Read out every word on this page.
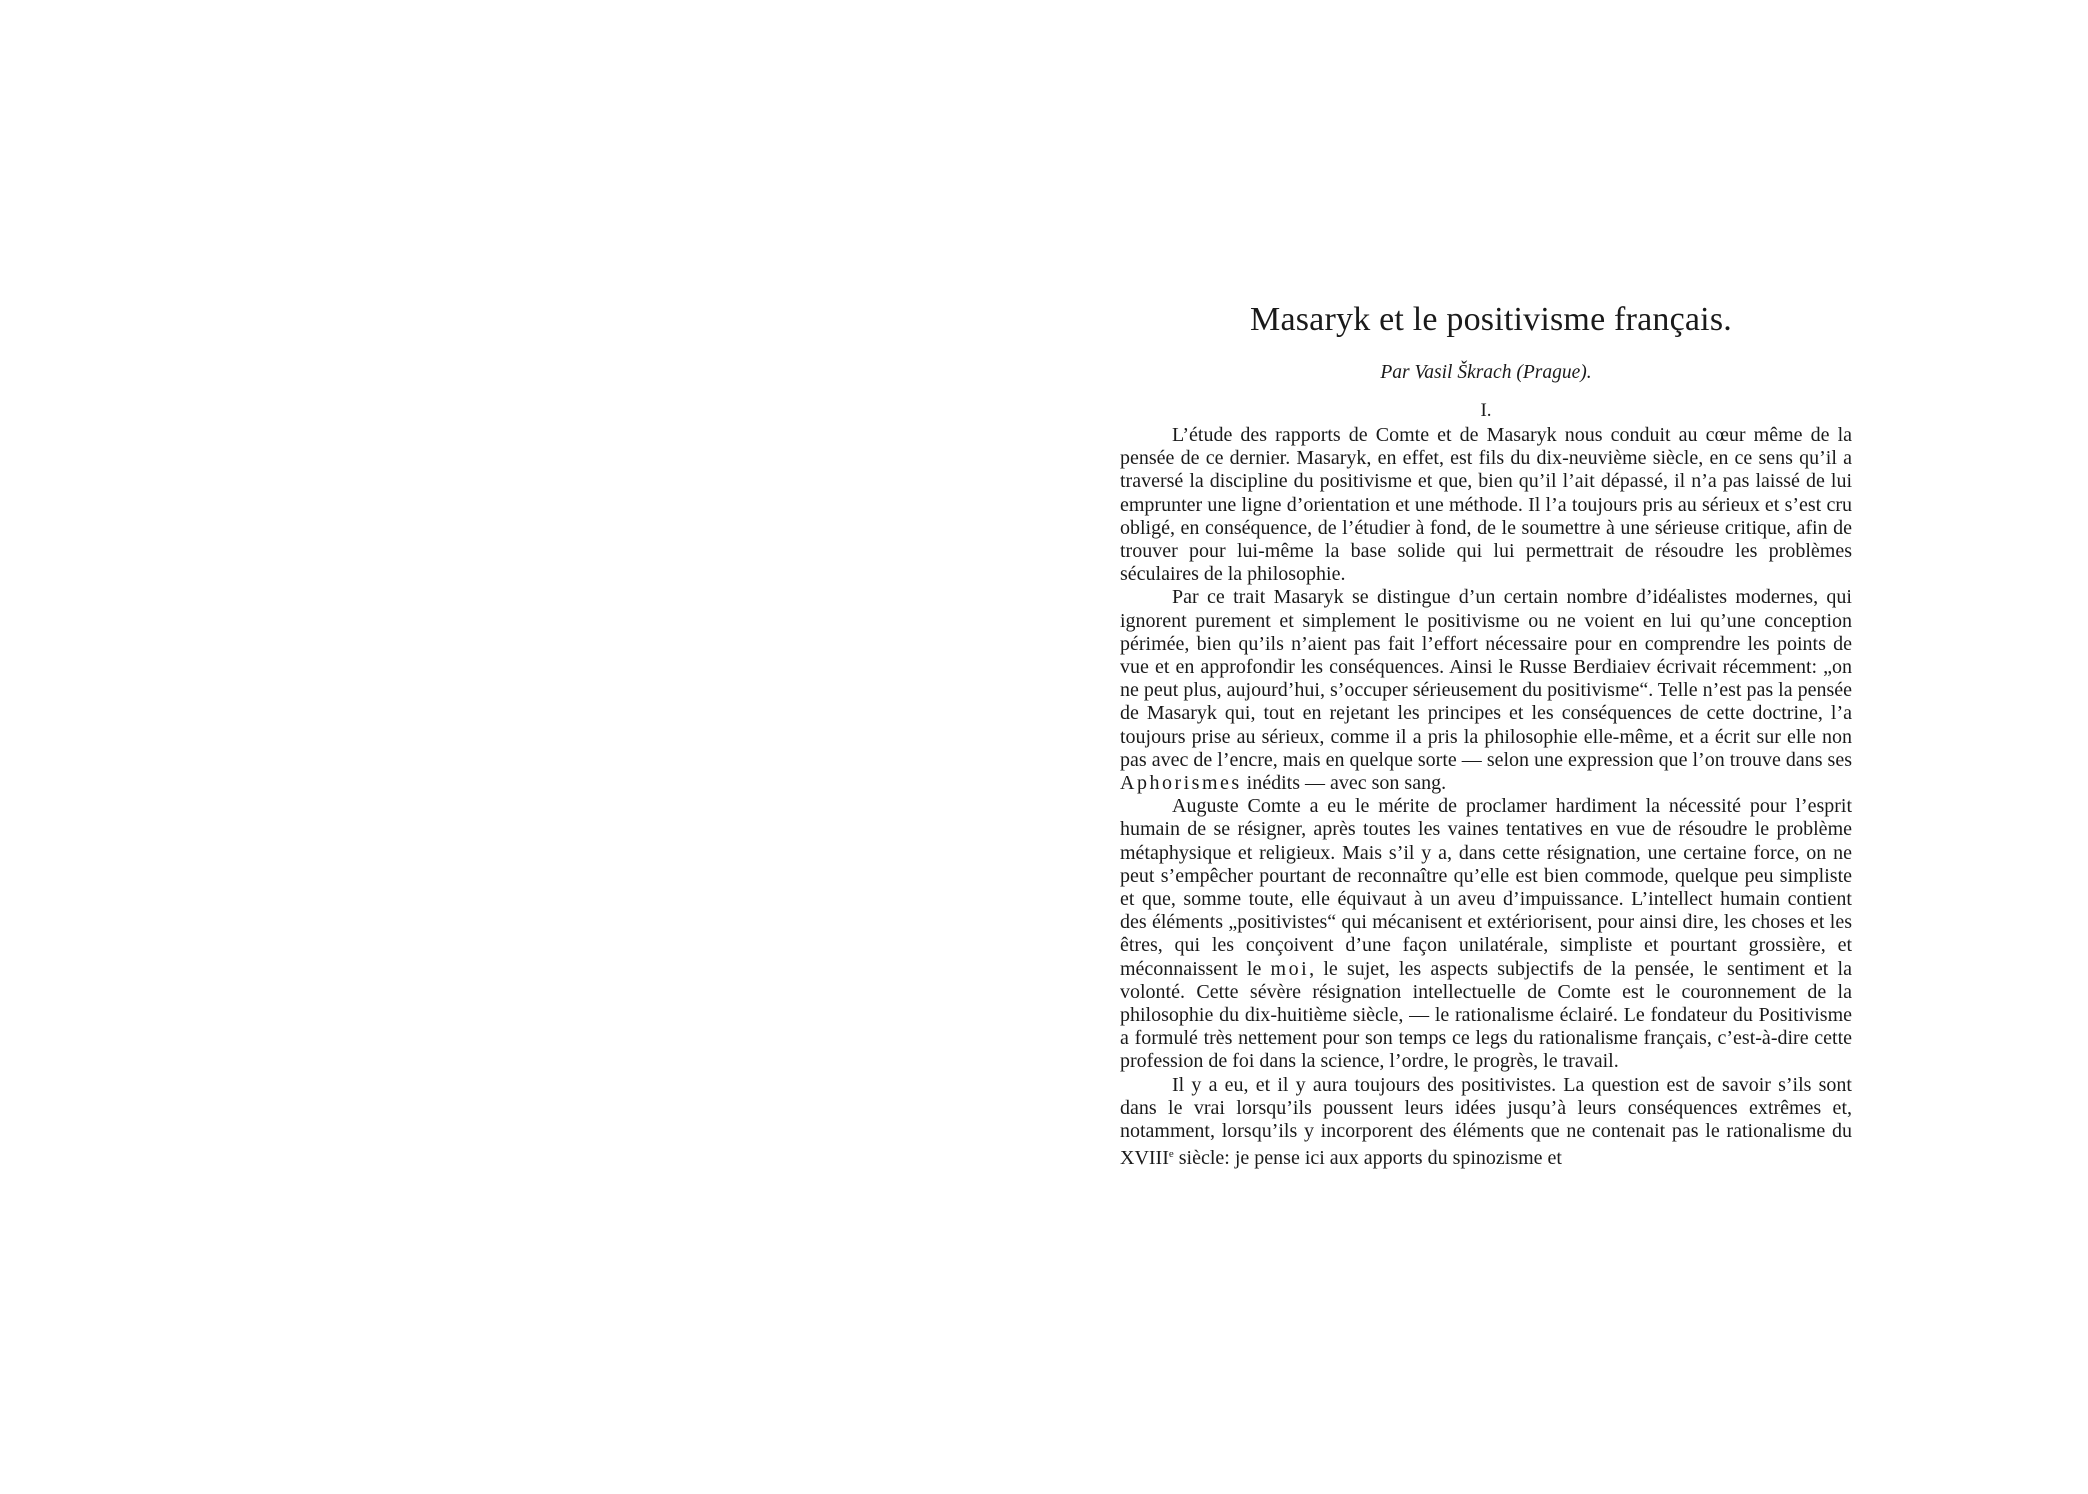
Masaryk et le positivisme français.
Par Vasil Škrach (Prague).
I.

L’étude des rapports de Comte et de Masaryk nous conduit au cœur même de la pensée de ce dernier. Masaryk, en effet, est fils du dix-neuvième siècle, en ce sens qu’il a traversé la discipline du positivisme et que, bien qu’il l’ait dépassé, il n’a pas laissé de lui emprunter une ligne d’orientation et une méthode. Il l’a toujours pris au sérieux et s’est cru obligé, en conséquence, de l’étudier à fond, de le soumettre à une sérieuse critique, afin de trouver pour lui-même la base solide qui lui permettrait de résoudre les problèmes séculaires de la philosophie.

Par ce trait Masaryk se distingue d’un certain nombre d’idéalistes modernes, qui ignorent purement et simplement le positivisme ou ne voient en lui qu’une conception périmée, bien qu’ils n’aient pas fait l’effort nécessaire pour en comprendre les points de vue et en approfondir les conséquences. Ainsi le Russe Berdiaiev écrivait récemment: „on ne peut plus, aujourd’hui, s’occuper sérieusement du positivisme“. Telle n’est pas la pensée de Masaryk qui, tout en rejetant les principes et les conséquences de cette doctrine, l’a toujours prise au sérieux, comme il a pris la philosophie elle-même, et a écrit sur elle non pas avec de l’encre, mais en quelque sorte — selon une expression que l’on trouve dans ses Aphorismes inédits — avec son sang.

Auguste Comte a eu le mérite de proclamer hardiment la nécessité pour l’esprit humain de se résigner, après toutes les vaines tentatives en vue de résoudre le problème métaphysique et religieux. Mais s’il y a, dans cette résignation, une certaine force, on ne peut s’empêcher pourtant de reconnaître qu’elle est bien commode, quelque peu simpliste et que, somme toute, elle équivaut à un aveu d’impuissance. L’intellect humain contient des éléments „positivistes“ qui mécanisent et extériorisent, pour ainsi dire, les choses et les êtres, qui les conçoivent d’une façon unilatérale, simpliste et pourtant grossière, et méconnaissent le moi, le sujet, les aspects subjectifs de la pensée, le sentiment et la volonté. Cette sévère résignation intellectuelle de Comte est le couronnement de la philosophie du dix-huitième siècle, — le rationalisme éclairé. Le fondateur du Positivisme a formulé très nettement pour son temps ce legs du rationalisme français, c’est-à-dire cette profession de foi dans la science, l’ordre, le progrès, le travail.

Il y a eu, et il y aura toujours des positivistes. La question est de savoir s’ils sont dans le vrai lorsqu’ils poussent leurs idées jusqu’à leurs conséquences extrêmes et, notamment, lorsqu’ils y incorporent des éléments que ne contenait pas le rationalisme du XVIIIe siècle: je pense ici aux apports du spinozisme et
